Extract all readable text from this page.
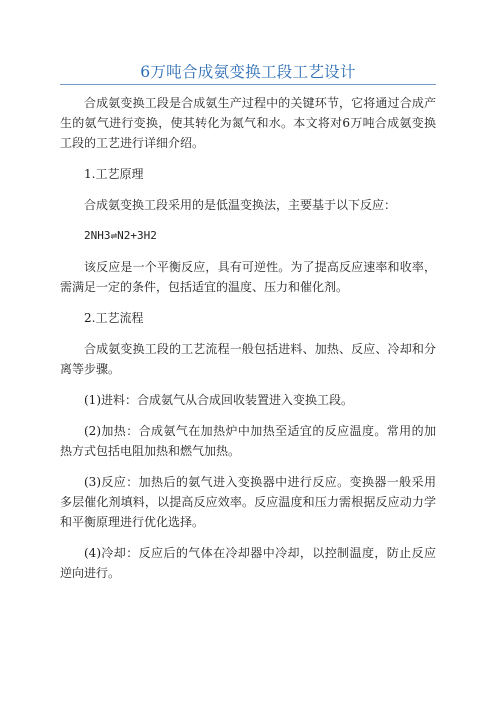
6万吨合成氨变换工段工艺设计

合成氨变换工段是合成氨生产过程中的关键环节，它将通过合成产生的氨气进行变换，使其转化为氮气和水。本文将对6万吨合成氨变换工段的工艺进行详细介绍。

1.工艺原理

合成氨变换工段采用的是低温变换法，主要基于以下反应：

2NH3⇌N2+3H2

该反应是一个平衡反应，具有可逆性。为了提高反应速率和收率，需满足一定的条件，包括适宜的温度、压力和催化剂。

2.工艺流程

合成氨变换工段的工艺流程一般包括进料、加热、反应、冷却和分离等步骤。

(1)进料：合成氨气从合成回收装置进入变换工段。

(2)加热：合成氨气在加热炉中加热至适宜的反应温度。常用的加热方式包括电阻加热和燃气加热。

(3)反应：加热后的氨气进入变换器中进行反应。变换器一般采用多层催化剂填料，以提高反应效率。反应温度和压力需根据反应动力学和平衡原理进行优化选择。

(4)冷却：反应后的气体在冷却器中冷却，以控制温度，防止反应逆向进行。
